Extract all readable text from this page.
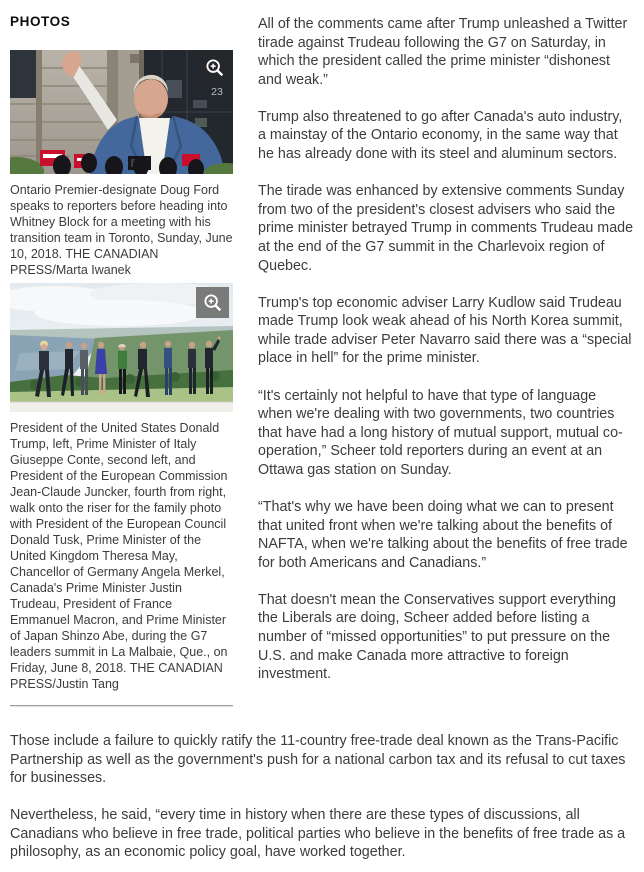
PHOTOS
23
Ontario Premier-designate Doug Ford speaks to reporters before heading into Whitney Block for a meeting with his transition team in Toronto, Sunday, June 10, 2018. THE CANADIAN PRESS/Marta Iwanek
President of the United States Donald Trump, left, Prime Minister of Italy Giuseppe Conte, second left, and President of the European Commission Jean-Claude Juncker, fourth from right, walk onto the riser for the family photo with President of the European Council Donald Tusk, Prime Minister of the United Kingdom Theresa May, Chancellor of Germany Angela Merkel, Canada's Prime Minister Justin Trudeau, President of France Emmanuel Macron, and Prime Minister of Japan Shinzo Abe, during the G7 leaders summit in La Malbaie, Que., on Friday, June 8, 2018. THE CANADIAN PRESS/Justin Tang

All of the comments came after Trump unleashed a Twitter tirade against Trudeau following the G7 on Saturday, in which the president called the prime minister “dishonest and weak.”

Trump also threatened to go after Canada's auto industry, a mainstay of the Ontario economy, in the same way that he has already done with its steel and aluminum sectors.

The tirade was enhanced by extensive comments Sunday from two of the president's closest advisers who said the prime minister betrayed Trump in comments Trudeau made at the end of the G7 summit in the Charlevoix region of Quebec.

Trump's top economic adviser Larry Kudlow said Trudeau made Trump look weak ahead of his North Korea summit, while trade adviser Peter Navarro said there was a “special place in hell” for the prime minister.

“It's certainly not helpful to have that type of language when we're dealing with two governments, two countries that have had a long history of mutual support, mutual co-operation,” Scheer told reporters during an event at an Ottawa gas station on Sunday.

“That's why we have been doing what we can to present that united front when we're talking about the benefits of NAFTA, when we're talking about the benefits of free trade for both Americans and Canadians.”

That doesn't mean the Conservatives support everything the Liberals are doing, Scheer added before listing a number of “missed opportunities” to put pressure on the U.S. and make Canada more attractive to foreign investment.

Those include a failure to quickly ratify the 11-country free-trade deal known as the Trans-Pacific Partnership as well as the government's push for a national carbon tax and its refusal to cut taxes for businesses.

Nevertheless, he said, “every time in history when there are these types of discussions, all Canadians who believe in free trade, political parties who believe in the benefits of free trade as a philosophy, as an economic policy goal, have worked together.
